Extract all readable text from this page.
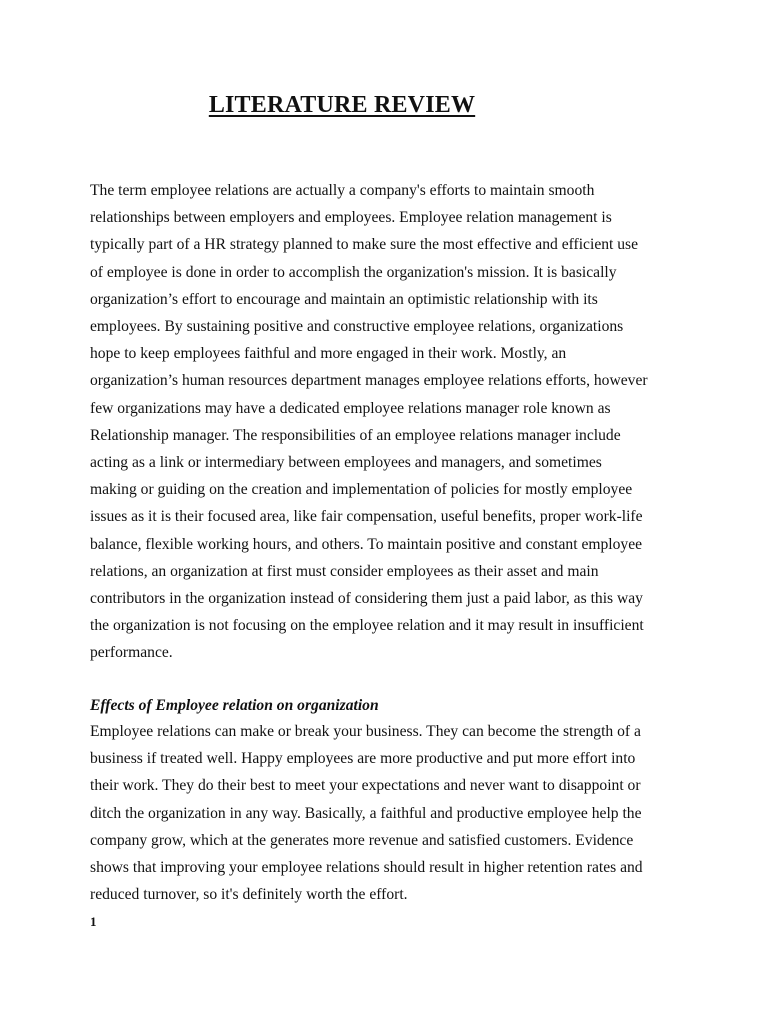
LITERATURE REVIEW

The term employee relations are actually a company's efforts to maintain smooth
relationships between employers and employees. Employee relation management is
typically part of a HR strategy planned to make sure the most effective and efficient use
of employee is done in order to accomplish the organization's mission. It is basically
organization’s effort to encourage and maintain an optimistic relationship with its
employees. By sustaining positive and constructive employee relations, organizations
hope to keep employees faithful and more engaged in their work. Mostly, an
organization’s human resources department manages employee relations efforts, however
few organizations may have a dedicated employee relations manager role known as
Relationship manager. The responsibilities of an employee relations manager include
acting as a link or intermediary between employees and managers, and sometimes
making or guiding on the creation and implementation of policies for mostly employee
issues as it is their focused area, like fair compensation, useful benefits, proper work-life
balance, flexible working hours, and others. To maintain positive and constant employee
relations, an organization at first must consider employees as their asset and main
contributors in the organization instead of considering them just a paid labor, as this way
the organization is not focusing on the employee relation and it may result in insufficient
performance.

Effects of Employee relation on organization

Employee relations can make or break your business. They can become the strength of a
business if treated well. Happy employees are more productive and put more effort into
their work. They do their best to meet your expectations and never want to disappoint or
ditch the organization in any way. Basically, a faithful and productive employee help the
company grow, which at the generates more revenue and satisfied customers. Evidence
shows that improving your employee relations should result in higher retention rates and
reduced turnover, so it's definitely worth the effort.

1
